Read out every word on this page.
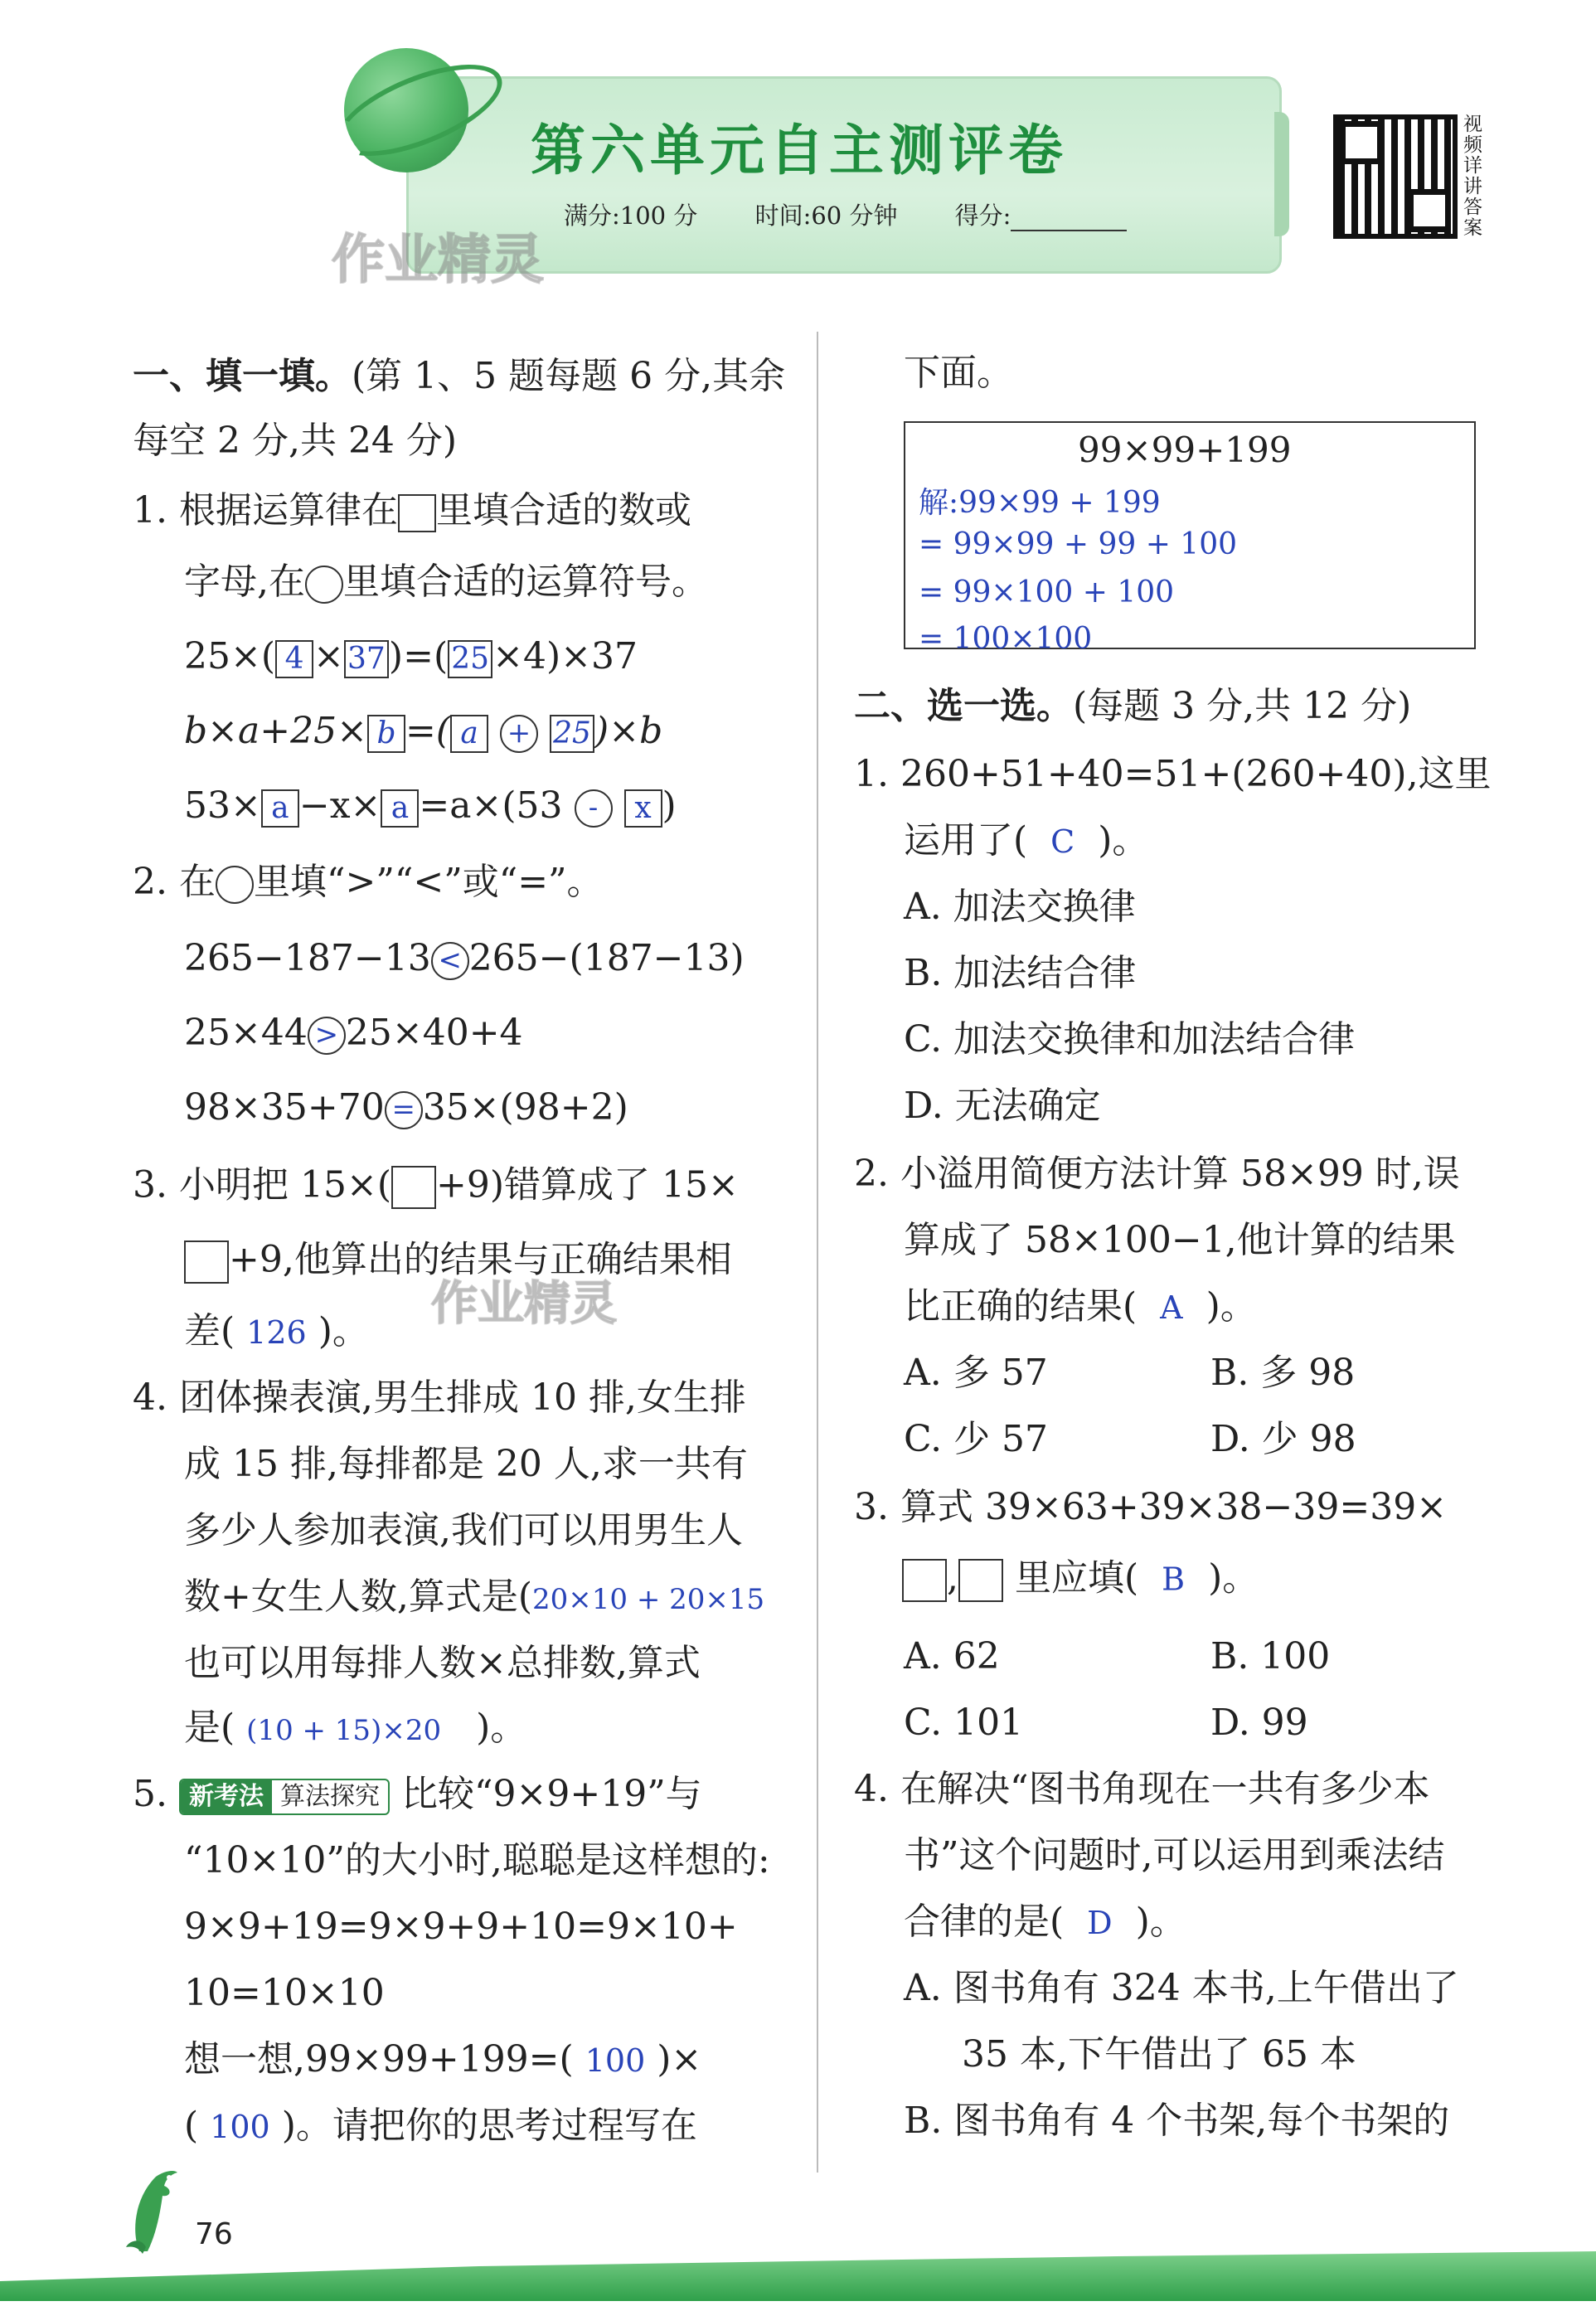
第六单元自主测评卷
满分:100 分 时间:60 分钟 得分:
作业精灵
视频详讲答案
一、填一填。(第 1、5 题每题 6 分,其余
每空 2 分,共 24 分)
1. 根据运算律在 里填合适的数或
字母,在 里填合适的运算符号。
25×( 4 × 37)=( 25×4)×37
b×a+25× b =( a + 25)×b
53× a −x× a =a×(53 - x )
2. 在 里填“>”“<”或“=”。
265−187−13 < 265−(187−13)
25×44 > 25×40+4
98×35+70 = 35×(98+2)
3. 小明把 15×( +9)错算成了 15×
+9,他算出的结果与正确结果相
差( 126 )。
作业精灵
4. 团体操表演,男生排成 10 排,女生排
成 15 排,每排都是 20 人,求一共有
多少人参加表演,我们可以用男生人
数+女生人数,算式是(20×10 + 20×15
也可以用每排人数×总排数,算式
是( (10 + 15)×20 )。
5. 新考法 算法探究 比较“9×9+19”与
“10×10”的大小时,聪聪是这样想的:
9×9+19=9×9+9+10=9×10+
10=10×10
想一想,99×99+199=( 100 )×
( 100 )。请把你的思考过程写在
下面。
99×99+199
解:99×99 + 199
= 99×99 + 99 + 100
= 99×100 + 100
= 100×100
二、选一选。(每题 3 分,共 12 分)
1. 260+51+40=51+(260+40),这里
运用了( C )。
A. 加法交换律
B. 加法结合律
C. 加法交换律和加法结合律
D. 无法确定
2. 小溢用简便方法计算 58×99 时,误
算成了 58×100−1,他计算的结果
比正确的结果( A )。
A. 多 57	B. 多 98
C. 少 57	D. 少 98
3. 算式 39×63+39×38−39=39×
, 里应填( B )。
A. 62	B. 100
C. 101	D. 99
4. 在解决“图书角现在一共有多少本
书”这个问题时,可以运用到乘法结
合律的是( D )。
A. 图书角有 324 本书,上午借出了
35 本,下午借出了 65 本
B. 图书角有 4 个书架,每个书架的
76
